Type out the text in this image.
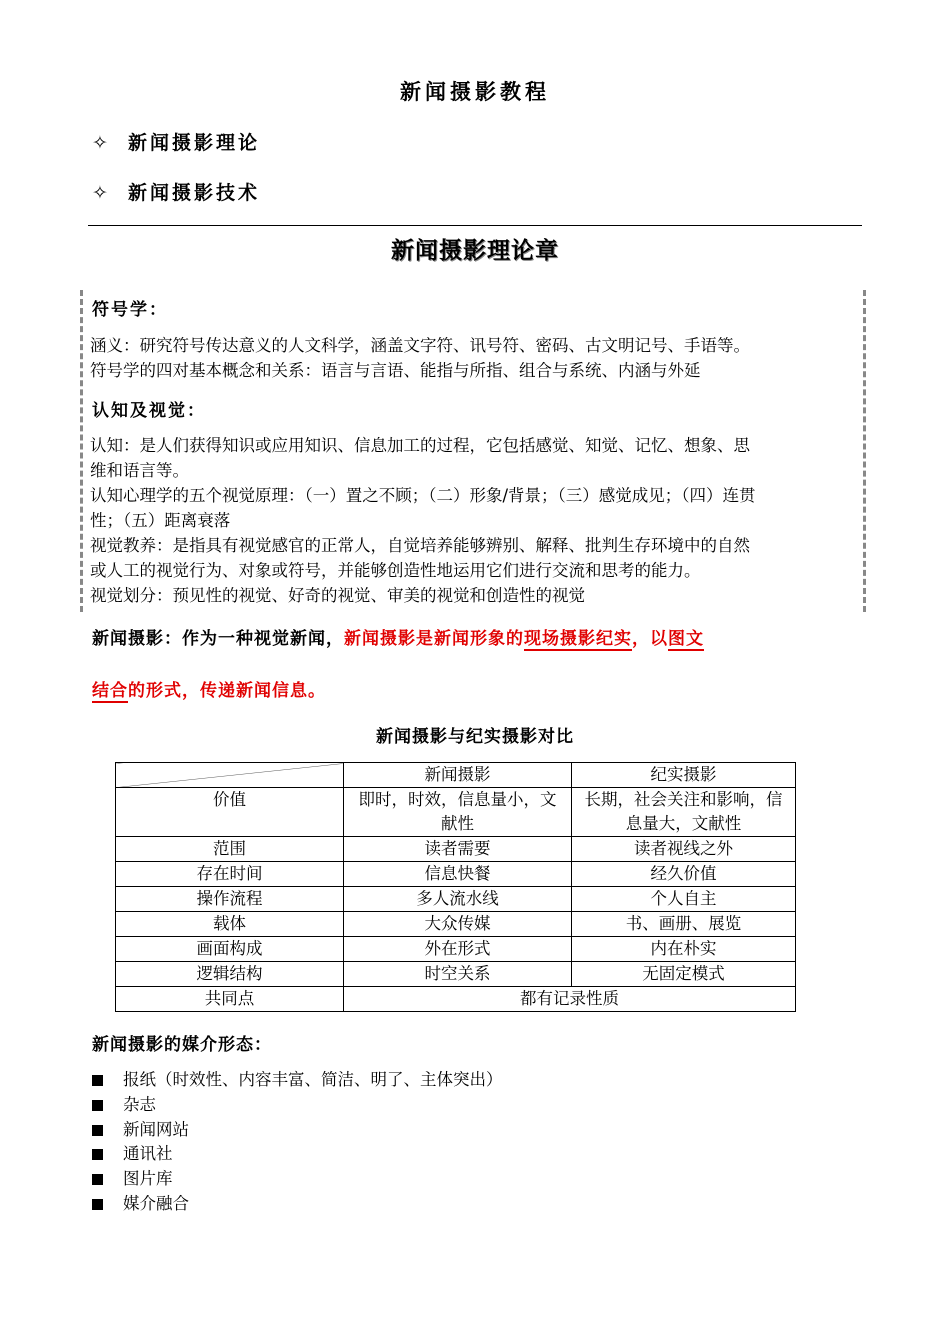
新闻摄影教程
✧ 新闻摄影理论
✧ 新闻摄影技术
新闻摄影理论章
符号学：
涵义：研究符号传达意义的人文科学，涵盖文字符、讯号符、密码、古文明记号、手语等。
符号学的四对基本概念和关系：语言与言语、能指与所指、组合与系统、内涵与外延
认知及视觉：
认知：是人们获得知识或应用知识、信息加工的过程，它包括感觉、知觉、记忆、想象、思
维和语言等。
认知心理学的五个视觉原理：（一）置之不顾；（二）形象/背景；（三）感觉成见；（四）连贯
性；（五）距离衰落
视觉教养：是指具有视觉感官的正常人，自觉培养能够辨别、解释、批判生存环境中的自然
或人工的视觉行为、对象或符号，并能够创造性地运用它们进行交流和思考的能力。
视觉划分：预见性的视觉、好奇的视觉、审美的视觉和创造性的视觉
新闻摄影：作为一种视觉新闻，新闻摄影是新闻形象的现场摄影纪实，以图文
结合的形式，传递新闻信息。
新闻摄影与纪实摄影对比
	新闻摄影	纪实摄影
价值	即时，时效，信息量小，文献性	长期，社会关注和影响，信息量大，文献性

范围	读者需要	读者视线之外
存在时间	信息快餐	经久价值
操作流程	多人流水线	个人自主
载体	大众传媒	书、画册、展览
画面构成	外在形式	内在朴实
逻辑结构	时空关系	无固定模式
共同点	都有记录性质	
新闻摄影的媒介形态：
报纸（时效性、内容丰富、简洁、明了、主体突出）
杂志
新闻网站
通讯社
图片库
媒介融合
